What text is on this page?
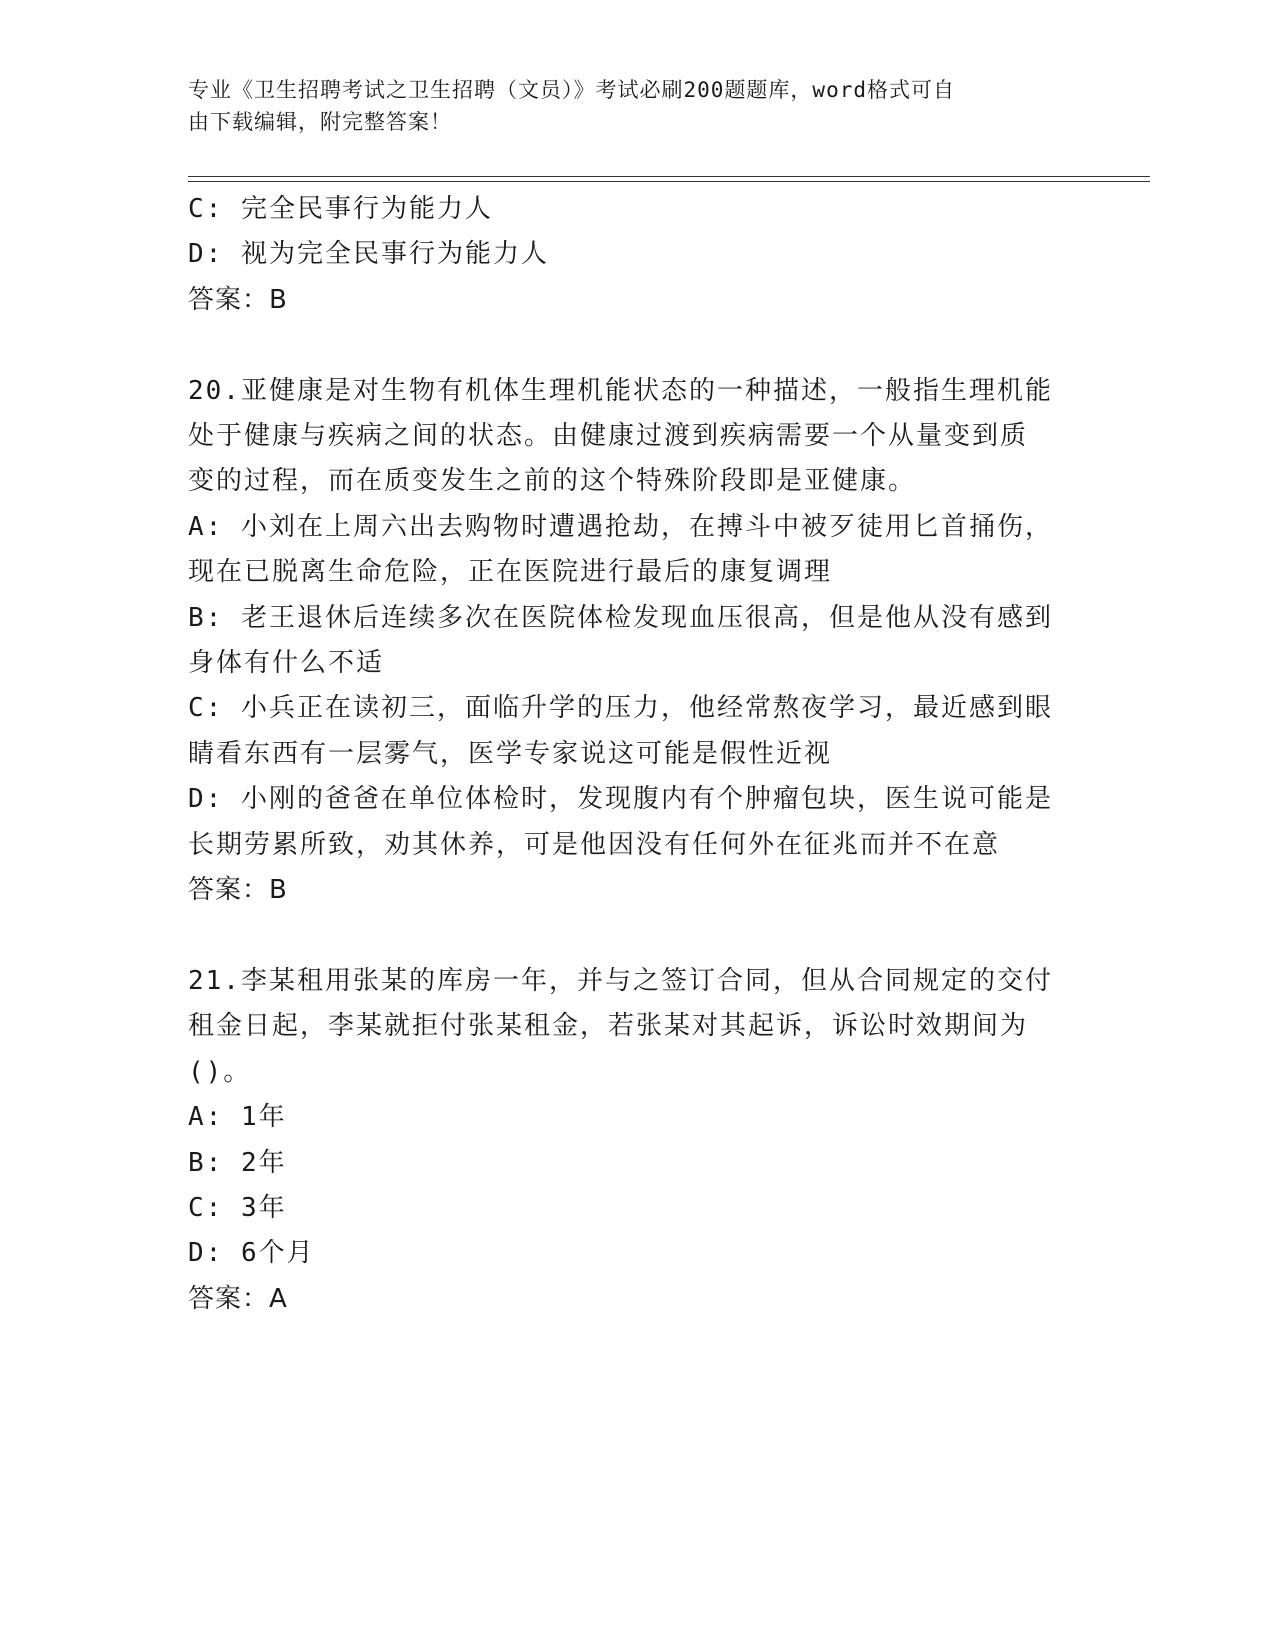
专业《卫生招聘考试之卫生招聘（文员）》考试必刷200题题库，word格式可自
由下载编辑，附完整答案！
C: 完全民事行为能力人
D: 视为完全民事行为能力人
答案：B
20.亚健康是对生物有机体生理机能状态的一种描述，一般指生理机能
处于健康与疾病之间的状态。由健康过渡到疾病需要一个从量变到质
变的过程，而在质变发生之前的这个特殊阶段即是亚健康。
A: 小刘在上周六出去购物时遭遇抢劫，在搏斗中被歹徒用匕首捅伤，
现在已脱离生命危险，正在医院进行最后的康复调理
B: 老王退休后连续多次在医院体检发现血压很高，但是他从没有感到
身体有什么不适
C: 小兵正在读初三，面临升学的压力，他经常熬夜学习，最近感到眼
睛看东西有一层雾气，医学专家说这可能是假性近视
D: 小刚的爸爸在单位体检时，发现腹内有个肿瘤包块，医生说可能是
长期劳累所致，劝其休养，可是他因没有任何外在征兆而并不在意
答案：B
21.李某租用张某的库房一年，并与之签订合同，但从合同规定的交付
租金日起，李某就拒付张某租金，若张某对其起诉，诉讼时效期间为
()。
A: 1年
B: 2年
C: 3年
D: 6个月
答案：A
